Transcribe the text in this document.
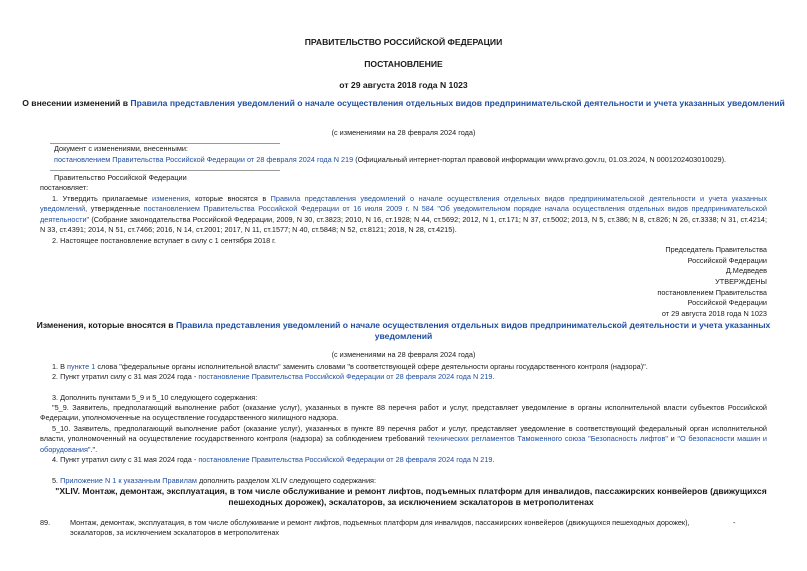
ПРАВИТЕЛЬСТВО РОССИЙСКОЙ ФЕДЕРАЦИИ
ПОСТАНОВЛЕНИЕ
от 29 августа 2018 года N 1023
О внесении изменений в Правила представления уведомлений о начале осуществления отдельных видов предпринимательской деятельности и учета указанных уведомлений
(с изменениями на 28 февраля 2024 года)
Документ с изменениями, внесенными:
постановлением Правительства Российской Федерации от 28 февраля 2024 года N 219 (Официальный интернет-портал правовой информации www.pravo.gov.ru, 01.03.2024, N 0001202403010029).
Правительство Российской Федерации
постановляет:
1. Утвердить прилагаемые изменения, которые вносятся в Правила представления уведомлений о начале осуществления отдельных видов предпринимательской деятельности и учета указанных уведомлений, утвержденные постановлением Правительства Российской Федерации от 16 июля 2009 г. N 584 "Об уведомительном порядке начала осуществления отдельных видов предпринимательской деятельности" (Собрание законодательства Российской Федерации, 2009, N 30, ст.3823; 2010, N 16, ст.1928; N 44, ст.5692; 2012, N 1, ст.171; N 37, ст.5002; 2013, N 5, ст.386; N 8, ст.826; N 26, ст.3338; N 31, ст.4214; N 33, ст.4391; 2014, N 51, ст.7466; 2016, N 14, ст.2001; 2017, N 11, ст.1577; N 40, ст.5848; N 52, ст.8121; 2018, N 28, ст.4215).
2. Настоящее постановление вступает в силу с 1 сентября 2018 г.
Председатель Правительства
Российской Федерации
Д.Медведев
УТВЕРЖДЕНЫ
постановлением Правительства
Российской Федерации
от 29 августа 2018 года N 1023
Изменения, которые вносятся в Правила представления уведомлений о начале осуществления отдельных видов предпринимательской деятельности и учета указанных уведомлений
(с изменениями на 28 февраля 2024 года)
1. В пункте 1 слова "федеральные органы исполнительной власти" заменить словами "в соответствующей сфере деятельности органы государственного контроля (надзора)".
2. Пункт утратил силу с 31 мая 2024 года - постановление Правительства Российской Федерации от 28 февраля 2024 года N 219.
3. Дополнить пунктами 5_9 и 5_10 следующего содержания:
"5_9. Заявитель, предполагающий выполнение работ (оказание услуг), указанных в пункте 88 перечня работ и услуг, представляет уведомление в органы исполнительной власти субъектов Российской Федерации, уполномоченные на осуществление государственного жилищного надзора.
5_10. Заявитель, предполагающий выполнение работ (оказание услуг), указанных в пункте 89 перечня работ и услуг, представляет уведомление в соответствующий федеральный орган исполнительной власти, уполномоченный на осуществление государственного контроля (надзора) за соблюдением требований технических регламентов Таможенного союза "Безопасность лифтов" и "О безопасности машин и оборудования".".
4. Пункт утратил силу с 31 мая 2024 года - постановление Правительства Российской Федерации от 28 февраля 2024 года N 219.
5. Приложение N 1 к указанным Правилам дополнить разделом XLIV следующего содержания:
"XLIV. Монтаж, демонтаж, эксплуатация, в том числе обслуживание и ремонт лифтов, подъемных платформ для инвалидов, пассажирских конвейеров (движущихся пешеходных дорожек), эскалаторов, за исключением эскалаторов в метрополитенах
89.	Монтаж, демонтаж, эксплуатация, в том числе обслуживание и ремонт лифтов, подъемных платформ для инвалидов, пассажирских конвейеров (движущихся пешеходных дорожек), эскалаторов, за исключением эскалаторов в метрополитенах
-
